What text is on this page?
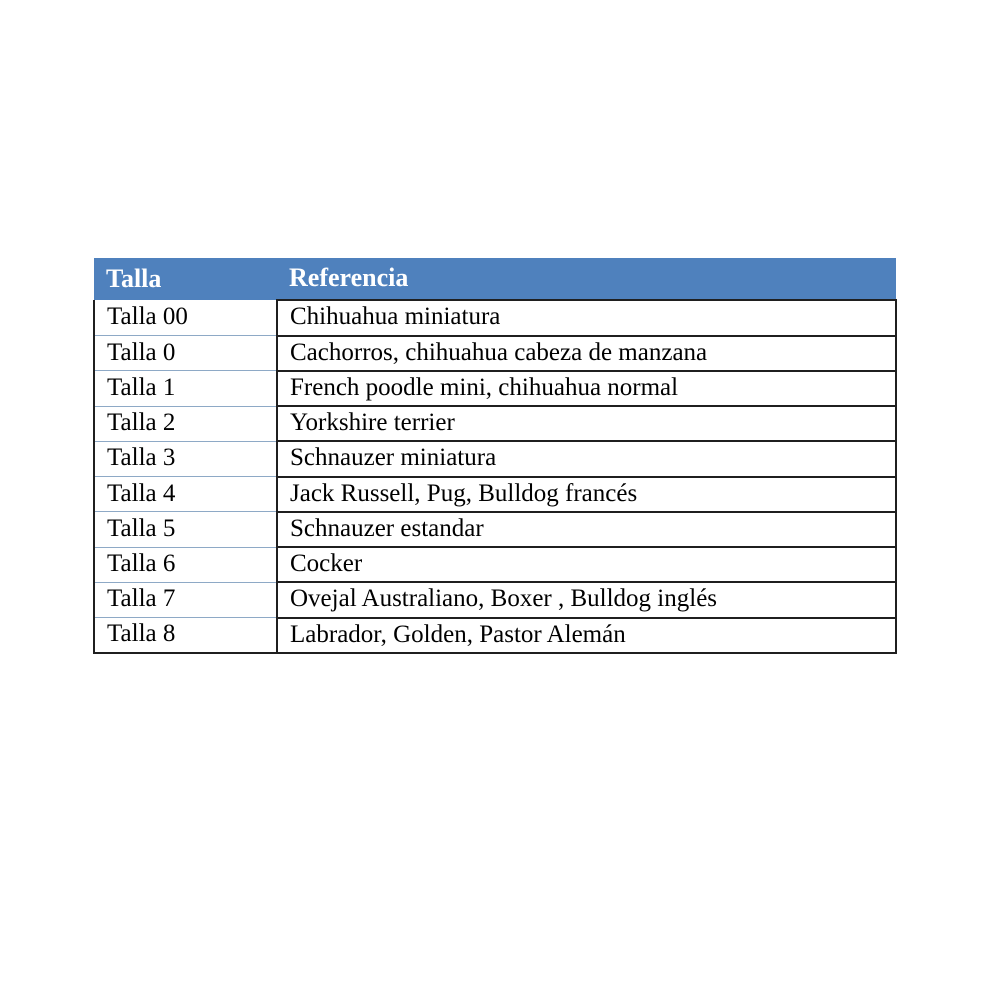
Talla	Referencia
Talla 00	Chihuahua miniatura
Talla 0	Cachorros, chihuahua cabeza de manzana
Talla 1	French poodle mini, chihuahua normal
Talla 2	Yorkshire terrier
Talla 3	Schnauzer miniatura
Talla 4	Jack Russell, Pug, Bulldog francés
Talla 5	Schnauzer estandar
Talla 6	Cocker
Talla 7	Ovejal Australiano, Boxer , Bulldog inglés
Talla 8	Labrador, Golden, Pastor Alemán
